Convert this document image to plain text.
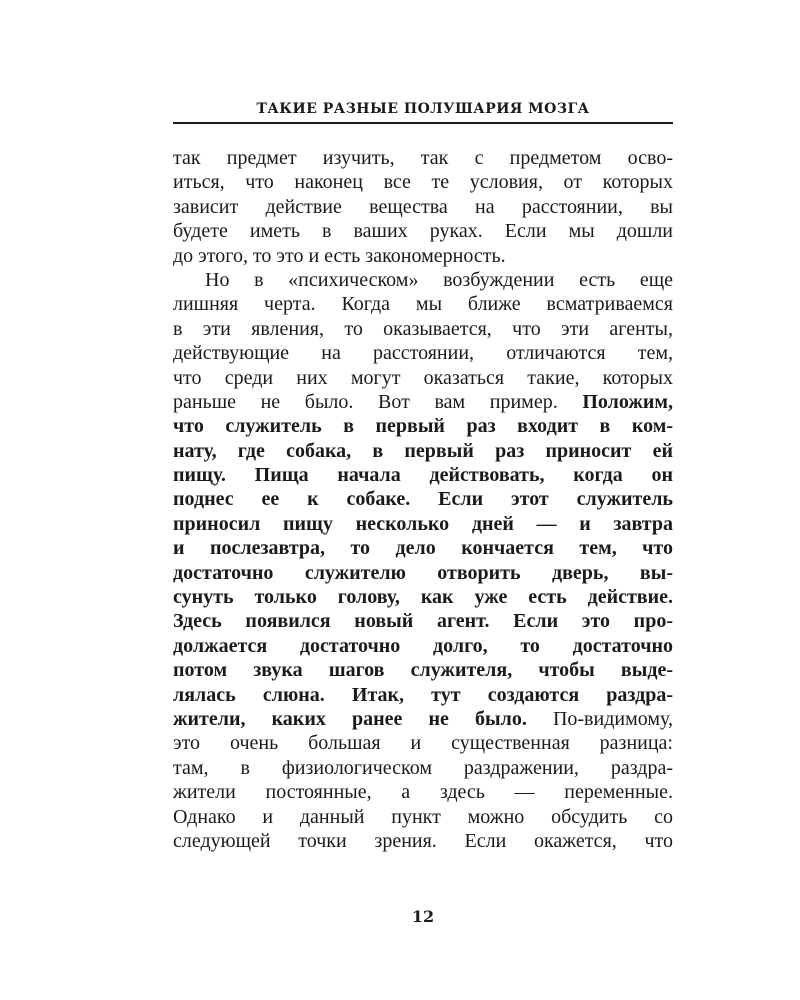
ТАКИЕ РАЗНЫЕ ПОЛУШАРИЯ МОЗГА
так предмет изучить, так с предметом осво-
иться, что наконец все те условия, от которых
зависит действие вещества на расстоянии, вы
будете иметь в ваших руках. Если мы дошли
до этого, то это и есть закономерность.
Но в «психическом» возбуждении есть еще
лишняя черта. Когда мы ближе всматриваемся
в эти явления, то оказывается, что эти агенты,
действующие на расстоянии, отличаются тем,
что среди них могут оказаться такие, которых
раньше не было. Вот вам пример. Положим,
что служитель в первый раз входит в ком-
нату, где собака, в первый раз приносит ей
пищу. Пища начала действовать, когда он
поднес ее к собаке. Если этот служитель
приносил пищу несколько дней — и завтра
и послезавтра, то дело кончается тем, что
достаточно служителю отворить дверь, вы-
сунуть только голову, как уже есть действие.
Здесь появился новый агент. Если это про-
должается достаточно долго, то достаточно
потом звука шагов служителя, чтобы выде-
лялась слюна. Итак, тут создаются раздра-
жители, каких ранее не было. По-видимому,
это очень большая и существенная разница:
там, в физиологическом раздражении, раздра-
жители постоянные, а здесь — переменные.
Однако и данный пункт можно обсудить со
следующей точки зрения. Если окажется, что
12
